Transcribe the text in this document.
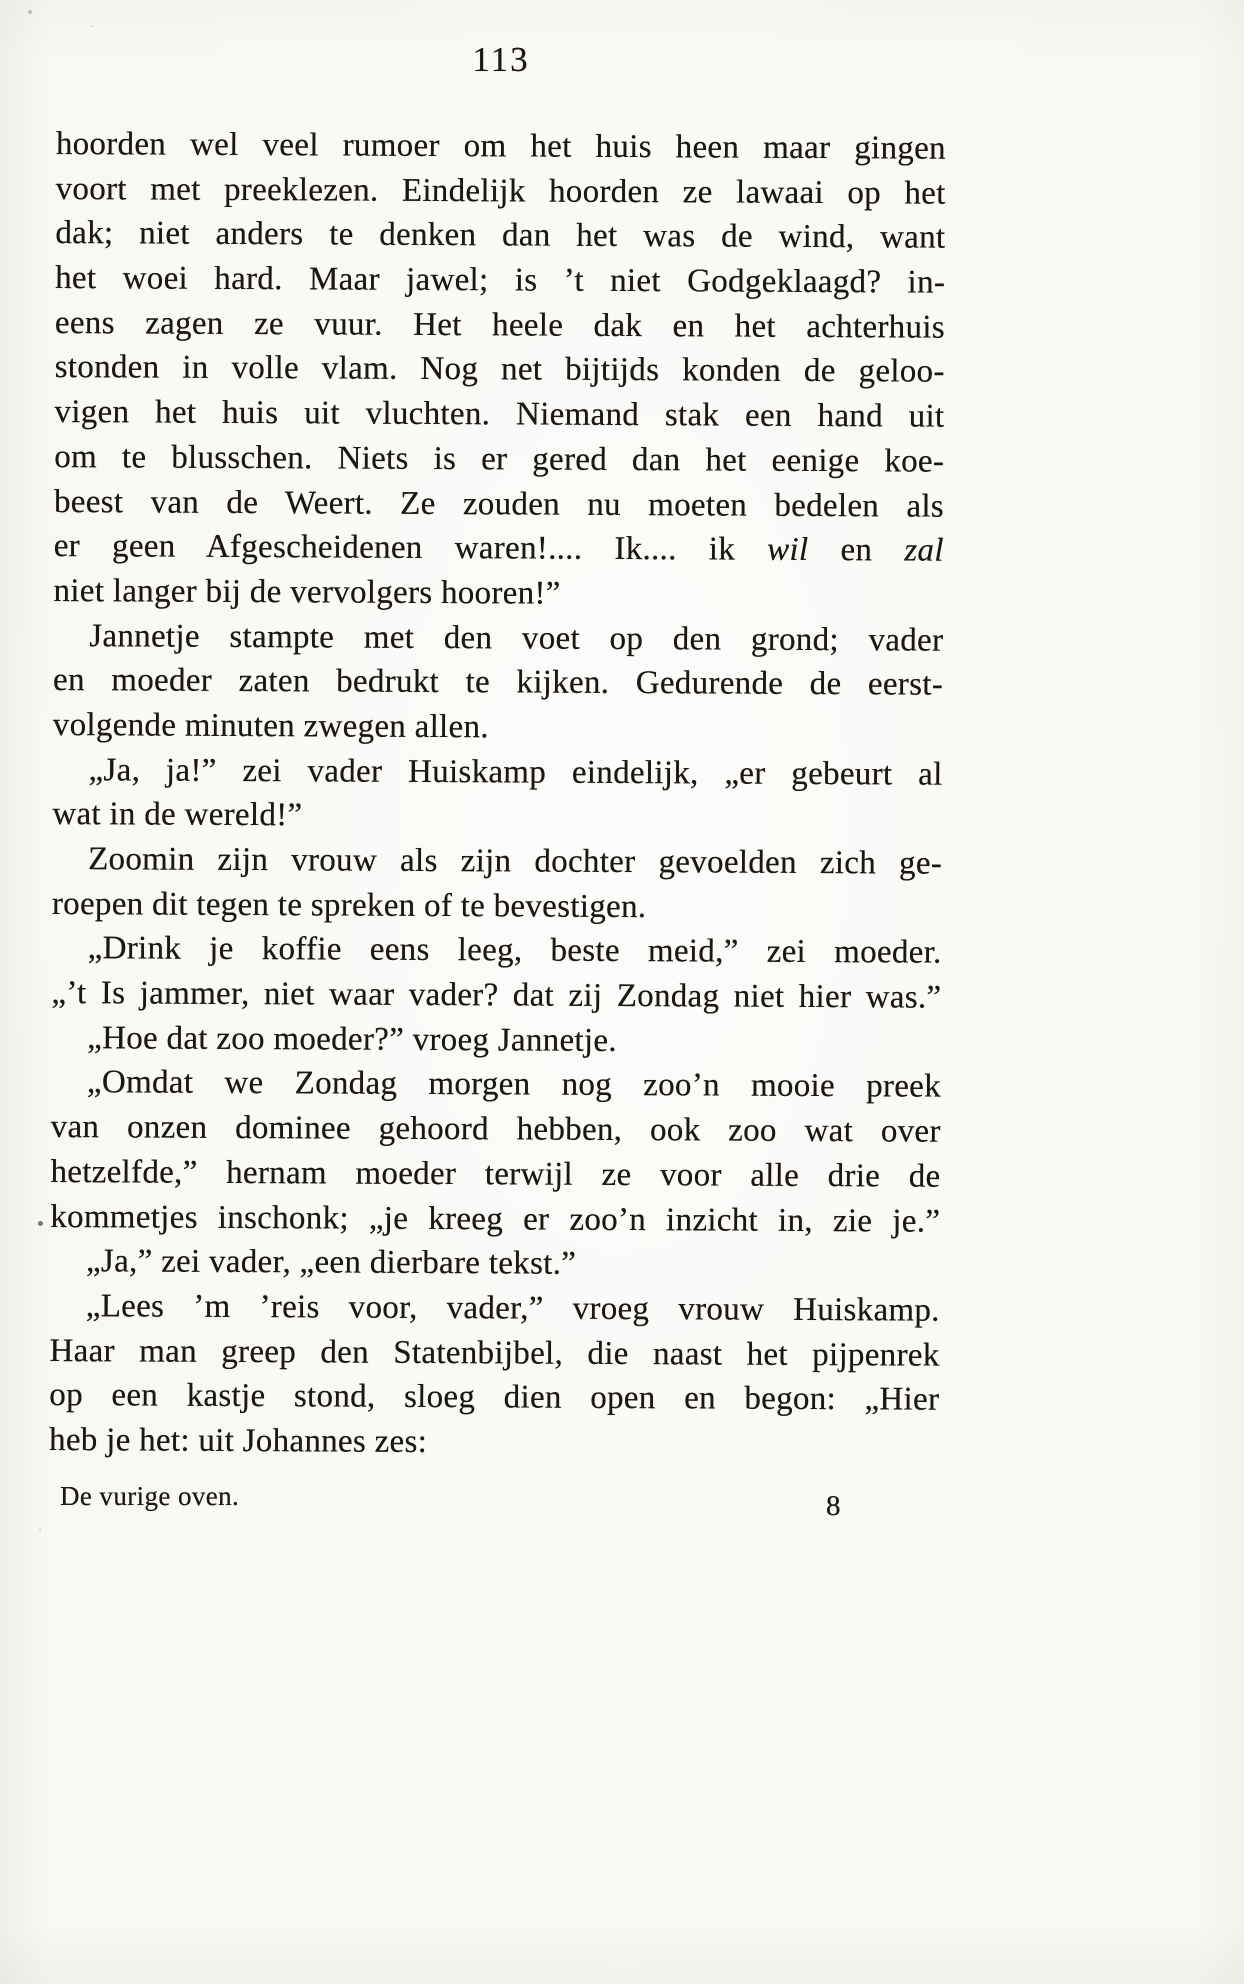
113
hoorden wel veel rumoer om het huis heen maar gingen
voort met preeklezen. Eindelijk hoorden ze lawaai op het
dak; niet anders te denken dan het was de wind, want
het woei hard. Maar jawel; is ’t niet Godgeklaagd? in-
eens zagen ze vuur. Het heele dak en het achterhuis
stonden in volle vlam. Nog net bijtijds konden de geloo-
vigen het huis uit vluchten. Niemand stak een hand uit
om te blusschen. Niets is er gered dan het eenige koe-
beest van de Weert. Ze zouden nu moeten bedelen als
er geen Afgescheidenen waren!.... Ik.... ik wil en zal
niet langer bij de vervolgers hooren!”
Jannetje stampte met den voet op den grond; vader
en moeder zaten bedrukt te kijken. Gedurende de eerst-
volgende minuten zwegen allen.
„Ja, ja!” zei vader Huiskamp eindelijk, „er gebeurt al
wat in de wereld!”
Zoomin zijn vrouw als zijn dochter gevoelden zich ge-
roepen dit tegen te spreken of te bevestigen.
„Drink je koffie eens leeg, beste meid,” zei moeder.
„’t Is jammer, niet waar vader? dat zij Zondag niet hier was.”
„Hoe dat zoo moeder?” vroeg Jannetje.
„Omdat we Zondag morgen nog zoo’n mooie preek
van onzen dominee gehoord hebben, ook zoo wat over
hetzelfde,” hernam moeder terwijl ze voor alle drie de
kommetjes inschonk; „je kreeg er zoo’n inzicht in, zie je.”
„Ja,” zei vader, „een dierbare tekst.”
„Lees ’m ’reis voor, vader,” vroeg vrouw Huiskamp.
Haar man greep den Statenbijbel, die naast het pijpenrek
op een kastje stond, sloeg dien open en begon: „Hier
heb je het: uit Johannes zes:
De vurige oven.	8
